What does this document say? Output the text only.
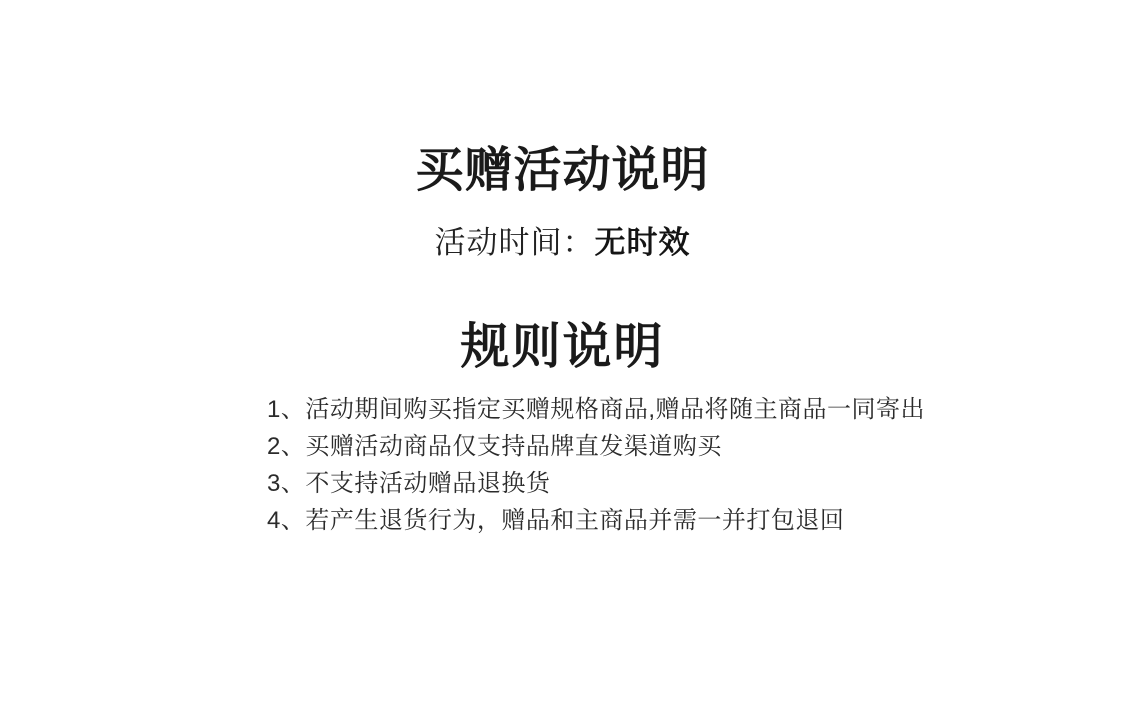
买赠活动说明

活动时间：无时效

规则说明
1、活动期间购买指定买赠规格商品,赠品将随主商品一同寄出
2、买赠活动商品仅支持品牌直发渠道购买
3、不支持活动赠品退换货
4、若产生退货行为，赠品和主商品并需一并打包退回
